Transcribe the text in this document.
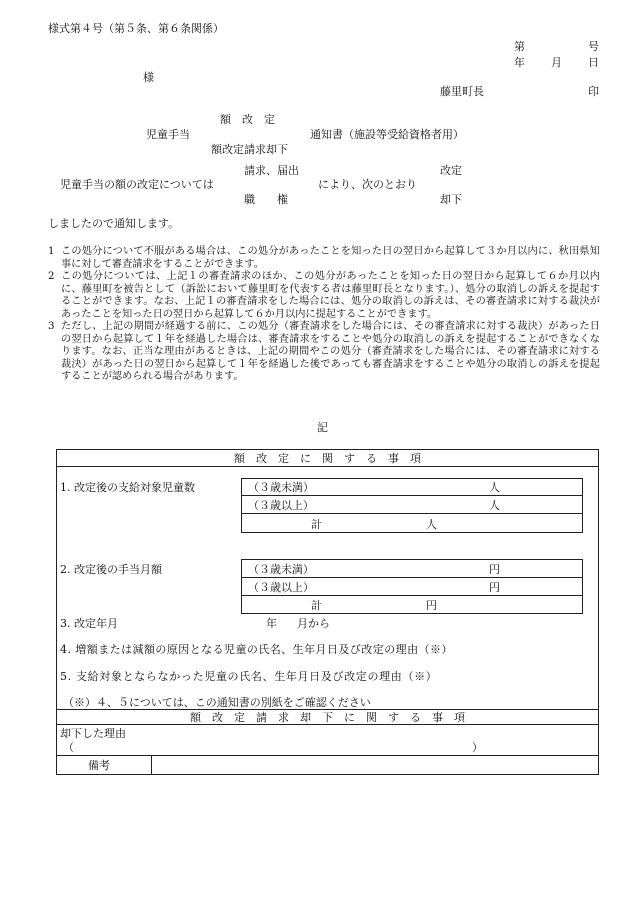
様式第４号（第５条、第６条関係）
第	号
年 月 日
様
藤里町長	印
額　改　定
児童手当
額改定請求却下
通知書（施設等受給資格者用）
請求、届出
児童手当の額の改定については
職　　権
により、次のとおり
改定
却下
しましたので通知します。

1 この処分について不服がある場合は、この処分があったことを知った日の翌日から起算して３か月以内に、秋田県知事に対して審査請求をすることができます。

2 この処分については、上記１の審査請求のほか、この処分があったことを知った日の翌日から起算して６か月以内に、藤里町を被告として（訴訟において藤里町を代表する者は藤里町長となります。）、処分の取消しの訴えを提起することができます。なお、上記１の審査請求をした場合には、処分の取消しの訴えは、その審査請求に対する裁決があったことを知った日の翌日から起算して６か月以内に提起することができます。

3 ただし、上記の期間が経過する前に、この処分（審査請求をした場合には、その審査請求に対する裁決）があった日の翌日から起算して１年を経過した場合は、審査請求をすることや処分の取消しの訴えを提起することができなくなります。なお、正当な理由があるときは、上記の期間やこの処分（審査請求をした場合には、その審査請求に対する裁決）があった日の翌日から起算して１年を経過した後であっても審査請求をすることや処分の取消しの訴えを提起することが認められる場合があります。

記
額　改　定　に　関　す　る　事　項
1. 改定後の支給対象児童数	（３歳未満）	人
（３歳以上）	人
計	人
2. 改定後の手当月額	（３歳未満）	円
（３歳以上）	円
計	円
3. 改定年月	年 月から
4. 増額または減額の原因となる児童の氏名、生年月日及び改定の理由（※）
5. 支給対象とならなかった児童の氏名、生年月日及び改定の理由（※）
（※）４、５については、この通知書の別紙をご確認ください
額　改　定　請　求　却　下　に　関　す　る　事　項
却下した理由
（	）
備考
